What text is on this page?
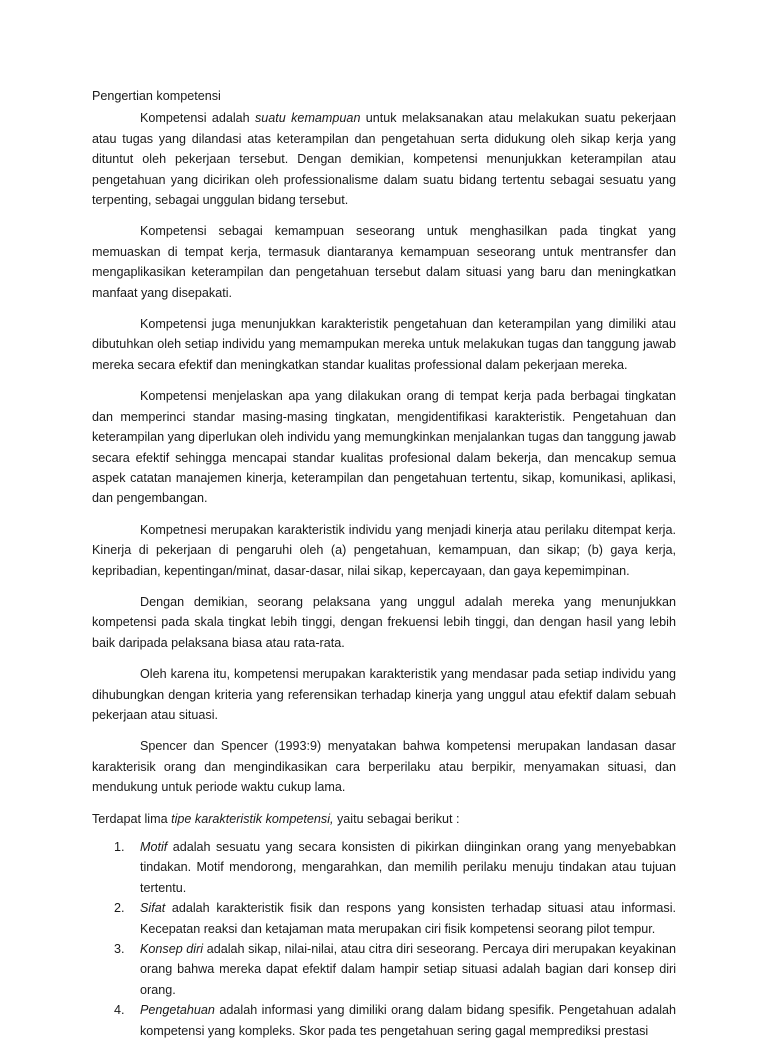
Pengertian kompetensi

Kompetensi adalah suatu kemampuan untuk melaksanakan atau melakukan suatu pekerjaan atau tugas yang dilandasi atas keterampilan dan pengetahuan serta didukung oleh sikap kerja yang dituntut oleh pekerjaan tersebut. Dengan demikian, kompetensi menunjukkan keterampilan atau pengetahuan yang dicirikan oleh professionalisme dalam suatu bidang tertentu sebagai sesuatu yang terpenting, sebagai unggulan bidang tersebut.

Kompetensi sebagai kemampuan seseorang untuk menghasilkan pada tingkat yang memuaskan di tempat kerja, termasuk diantaranya kemampuan seseorang untuk mentransfer dan mengaplikasikan keterampilan dan pengetahuan tersebut dalam situasi yang baru dan meningkatkan manfaat yang disepakati.

Kompetensi juga menunjukkan karakteristik pengetahuan dan keterampilan yang dimiliki atau dibutuhkan oleh setiap individu yang memampukan mereka untuk melakukan tugas dan tanggung jawab mereka secara efektif dan meningkatkan standar kualitas professional dalam pekerjaan mereka.

Kompetensi menjelaskan apa yang dilakukan orang di tempat kerja pada berbagai tingkatan dan memperinci standar masing-masing tingkatan, mengidentifikasi karakteristik. Pengetahuan dan keterampilan yang diperlukan oleh individu yang memungkinkan menjalankan tugas dan tanggung jawab secara efektif sehingga mencapai standar kualitas profesional dalam bekerja, dan mencakup semua aspek catatan manajemen kinerja, keterampilan dan pengetahuan tertentu, sikap, komunikasi, aplikasi, dan pengembangan.

Kompetnesi merupakan karakteristik individu yang menjadi kinerja atau perilaku ditempat kerja. Kinerja di pekerjaan di pengaruhi oleh (a) pengetahuan, kemampuan, dan sikap; (b) gaya kerja, kepribadian, kepentingan/minat, dasar-dasar, nilai sikap, kepercayaan, dan gaya kepemimpinan.

Dengan demikian, seorang pelaksana yang unggul adalah mereka yang menunjukkan kompetensi pada skala tingkat lebih tinggi, dengan frekuensi lebih tinggi, dan dengan hasil yang lebih baik daripada pelaksana biasa atau rata-rata.

Oleh karena itu, kompetensi merupakan karakteristik yang mendasar pada setiap individu yang dihubungkan dengan kriteria yang referensikan terhadap kinerja yang unggul atau efektif dalam sebuah pekerjaan atau situasi.

Spencer dan Spencer (1993:9) menyatakan bahwa kompetensi merupakan landasan dasar karakterisik orang dan mengindikasikan cara berperilaku atau berpikir, menyamakan situasi, dan mendukung untuk periode waktu cukup lama.

Terdapat lima tipe karakteristik kompetensi, yaitu sebagai berikut :

1. Motif adalah sesuatu yang secara konsisten di pikirkan diinginkan orang yang menyebabkan tindakan. Motif mendorong, mengarahkan, dan memilih perilaku menuju tindakan atau tujuan tertentu.
2. Sifat adalah karakteristik fisik dan respons yang konsisten terhadap situasi atau informasi. Kecepatan reaksi dan ketajaman mata merupakan ciri fisik kompetensi seorang pilot tempur.
3. Konsep diri adalah sikap, nilai-nilai, atau citra diri seseorang. Percaya diri merupakan keyakinan orang bahwa mereka dapat efektif dalam hampir setiap situasi adalah bagian dari konsep diri orang.
4. Pengetahuan adalah informasi yang dimiliki orang dalam bidang spesifik. Pengetahuan adalah kompetensi yang kompleks. Skor pada tes pengetahuan sering gagal memprediksi prestasi
